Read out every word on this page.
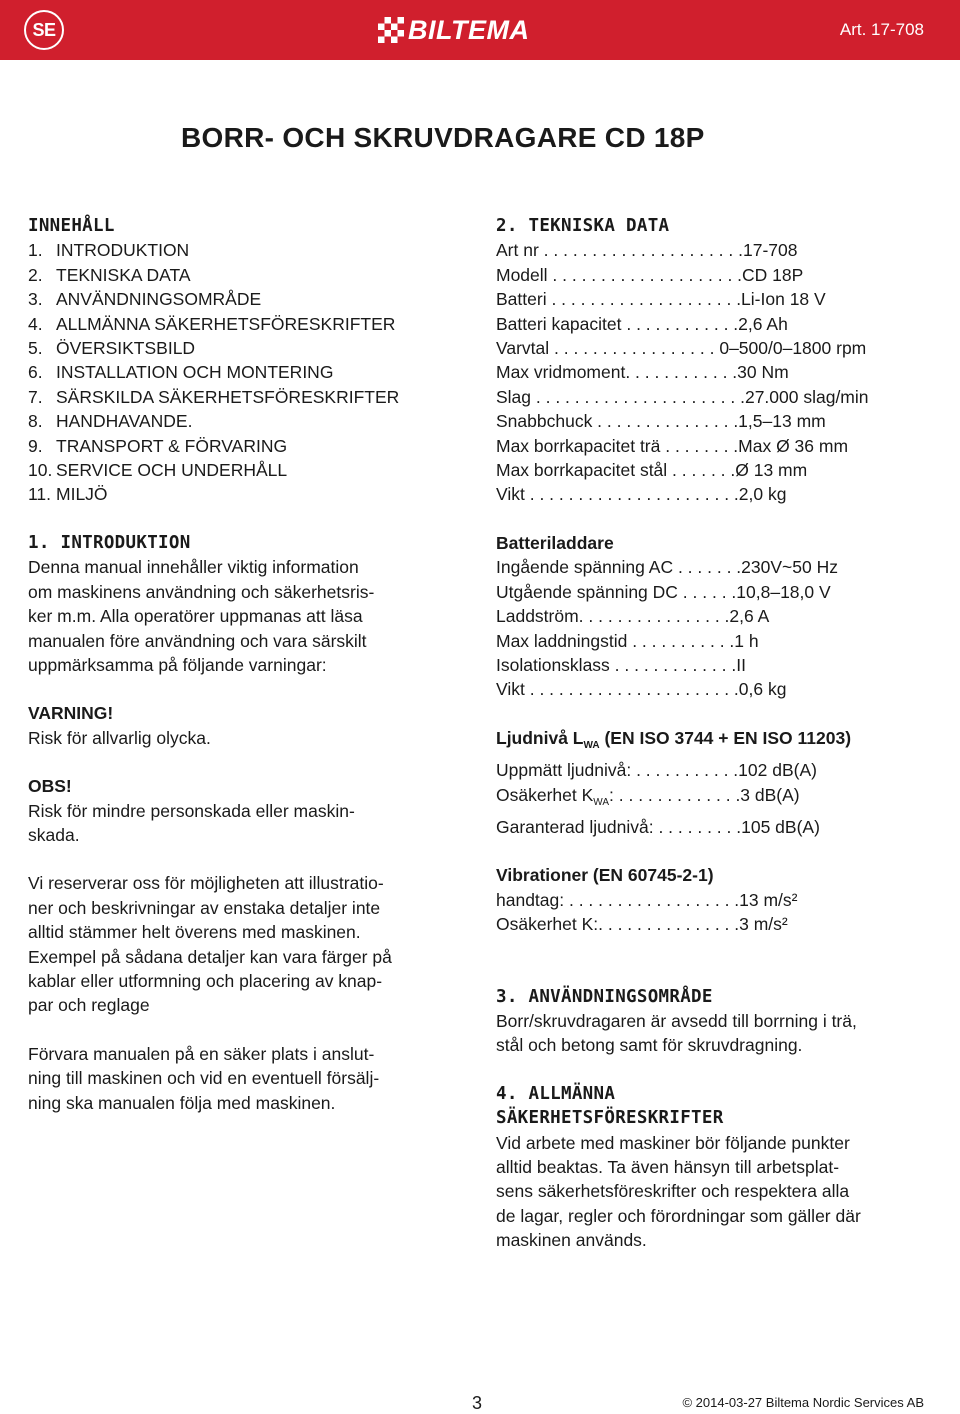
SE	BILTEMA	Art. 17-708
BORR- OCH SKRUVDRAGARE CD 18P
INNEHÅLL
1. INTRODUKTION
2. TEKNISKA DATA
3. ANVÄNDNINGSOMRÅDE
4. ALLMÄNNA SÄKERHETSFÖRESKRIFTER
5. ÖVERSIKTSBILD
6. INSTALLATION OCH MONTERING
7. SÄRSKILDA SÄKERHETSFÖRESKRIFTER
8. HANDHAVANDE.
9. TRANSPORT & FÖRVARING
10. SERVICE OCH UNDERHÅLL
11. MILJÖ
1. INTRODUKTION

Denna manual innehåller viktig information

om maskinens användning och säkerhetsris-

ker m.m. Alla operatörer uppmanas att läsa

manualen före användning och vara särskilt

uppmärksamma på följande varningar:

VARNING!

Risk för allvarlig olycka.

OBS!

Risk för mindre personskada eller maskin-

skada.

Vi reserverar oss för möjligheten att illustratio-

ner och beskrivningar av enstaka detaljer inte

alltid stämmer helt överens med maskinen.

Exempel på sådana detaljer kan vara färger på

kablar eller utformning och placering av knap-

par och reglage

Förvara manualen på en säker plats i anslut-

ning till maskinen och vid en eventuell försälj-

ning ska manualen följa med maskinen.

2. TEKNISKA DATA
Art nr . . . . . . . . . . . . . . . . . . . . .17-708
Modell . . . . . . . . . . . . . . . . . . . .CD 18P
Batteri . . . . . . . . . . . . . . . . . . . .Li-Ion 18 V
Batteri kapacitet . . . . . . . . . . . .2,6 Ah
Varvtal . . . . . . . . . . . . . . . . . 0–500/0–1800 rpm
Max vridmoment. . . . . . . . . . . .30 Nm
Slag . . . . . . . . . . . . . . . . . . . . . .27.000 slag/min
Snabbchuck . . . . . . . . . . . . . . .1,5–13 mm
Max borrkapacitet trä . . . . . . . .Max Ø 36 mm
Max borrkapacitet stål . . . . . . .Ø 13 mm
Vikt . . . . . . . . . . . . . . . . . . . . . .2,0 kg
Batteriladdare
Ingående spänning AC . . . . . . .230V~50 Hz
Utgående spänning DC . . . . . .10,8–18,0 V
Laddström. . . . . . . . . . . . . . . .2,6 A
Max laddningstid . . . . . . . . . . .1 h
Isolationsklass . . . . . . . . . . . . .II
Vikt . . . . . . . . . . . . . . . . . . . . . .0,6 kg
Ljudnivå $L_{WA}$ (EN ISO 3744 + EN ISO 11203)
Uppmätt ljudnivå: . . . . . . . . . . .102 dB(A)
Osäkerhet $K_{WA}$: . . . . . . . . . . . . .3 dB(A)
Garanterad ljudnivå: . . . . . . . . .105 dB(A)
Vibrationer (EN 60745-2-1)
handtag: . . . . . . . . . . . . . . . . . .13 m/s²
Osäkerhet K:. . . . . . . . . . . . . . .3 m/s²
3. ANVÄNDNINGSOMRÅDE

Borr/skruvdragaren är avsedd till borrning i trä,

stål och betong samt för skruvdragning.

4. ALLMÄNNA
SÄKERHETSFÖRESKRIFTER

Vid arbete med maskiner bör följande punkter

alltid beaktas. Ta även hänsyn till arbetsplat-

sens säkerhetsföreskrifter och respektera alla

de lagar, regler och förordningar som gäller där

maskinen används.

3	© 2014-03-27 Biltema Nordic Services AB
